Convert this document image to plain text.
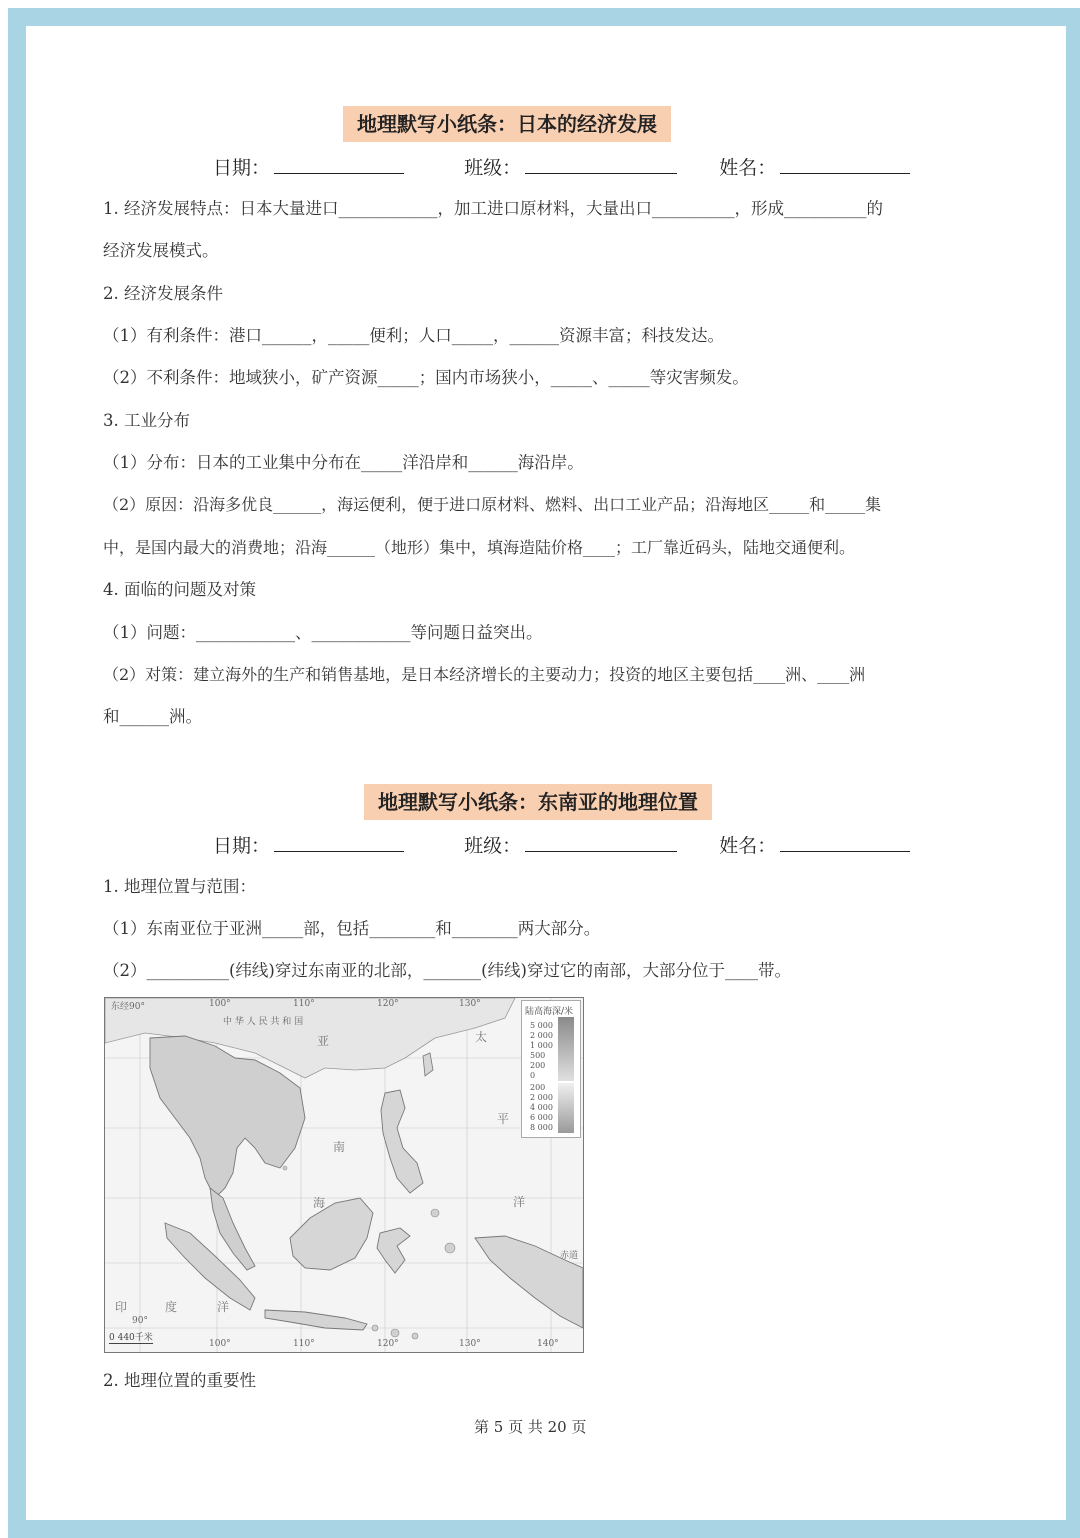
地理默写小纸条：日本的经济发展
日期：	班级：	姓名：
1. 经济发展特点：日本大量进口____________，加工进口原材料，大量出口__________，形成__________的
经济发展模式。
2. 经济发展条件
（1）有利条件：港口______，_____便利；人口_____，______资源丰富；科技发达。
（2）不利条件：地域狭小，矿产资源_____；国内市场狭小，_____、_____等灾害频发。
3. 工业分布
（1）分布：日本的工业集中分布在_____洋沿岸和______海沿岸。
（2）原因：沿海多优良______，海运便利，便于进口原材料、燃料、出口工业产品；沿海地区_____和_____集
中，是国内最大的消费地；沿海______（地形）集中，填海造陆价格____；工厂靠近码头，陆地交通便利。
4. 面临的问题及对策
（1）问题：____________、____________等问题日益突出。
（2）对策：建立海外的生产和销售基地，是日本经济增长的主要动力；投资的地区主要包括____洲、____洲
和______洲。
地理默写小纸条：东南亚的地理位置
日期：	班级：	姓名：
1. 地理位置与范围：
（1）东南亚位于亚洲_____部，包括________和________两大部分。
（2）__________(纬线)穿过东南亚的北部，_______(纬线)穿过它的南部，大部分位于____带。
东经90°	100°	110°	120°	130°
90°
100°	110°	120°	130°	140°
中 华 人 民 共 和 国
赤道
印	度	洋
太
平
洋
亚
南
海
陆高海深/米
5 000
2 000
1 000
500
200
0
200
2 000
4 000
6 000
8 000
0 440千米
2. 地理位置的重要性
第 5 页 共 20 页
